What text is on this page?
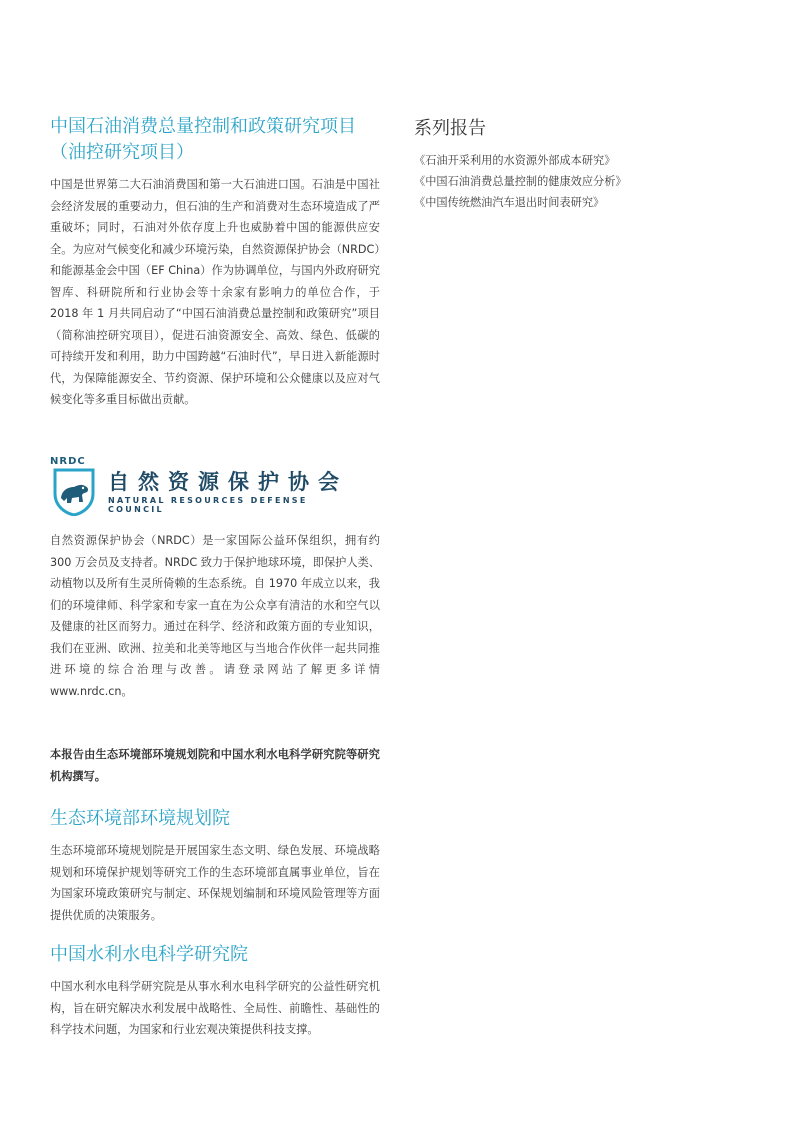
中国石油消费总量控制和政策研究项目
（油控研究项目）

中国是世界第二大石油消费国和第一大石油进口国。石油是中国社会经济发展的重要动力，但石油的生产和消费对生态环境造成了严重破坏；同时，石油对外依存度上升也威胁着中国的能源供应安全。为应对气候变化和减少环境污染，自然资源保护协会（NRDC）和能源基金会中国（EF China）作为协调单位，与国内外政府研究智库、科研院所和行业协会等十余家有影响力的单位合作，于 2018 年 1 月共同启动了“中国石油消费总量控制和政策研究”项目（简称油控研究项目），促进石油资源安全、高效、绿色、低碳的可持续开发和利用，助力中国跨越“石油时代”，早日进入新能源时代，为保障能源安全、节约资源、保护环境和公众健康以及应对气候变化等多重目标做出贡献。

系列报告
《石油开采利用的水资源外部成本研究》
《中国石油消费总量控制的健康效应分析》
《中国传统燃油汽车退出时间表研究》
NRDC
自然资源保护协会
NATURAL RESOURCES DEFENSE COUNCIL

自然资源保护协会（NRDC）是一家国际公益环保组织，拥有约 300 万会员及支持者。NRDC 致力于保护地球环境，即保护人类、动植物以及所有生灵所倚赖的生态系统。自 1970 年成立以来，我们的环境律师、科学家和专家一直在为公众享有清洁的水和空气以及健康的社区而努力。通过在科学、经济和政策方面的专业知识，我们在亚洲、欧洲、拉美和北美等地区与当地合作伙伴一起共同推进环境的综合治理与改善。请登录网站了解更多详情 www.nrdc.cn。

本报告由生态环境部环境规划院和中国水利水电科学研究院等研究机构撰写。

生态环境部环境规划院

生态环境部环境规划院是开展国家生态文明、绿色发展、环境战略规划和环境保护规划等研究工作的生态环境部直属事业单位，旨在为国家环境政策研究与制定、环保规划编制和环境风险管理等方面提供优质的决策服务。

中国水利水电科学研究院

中国水利水电科学研究院是从事水利水电科学研究的公益性研究机构，旨在研究解决水利发展中战略性、全局性、前瞻性、基础性的科学技术问题，为国家和行业宏观决策提供科技支撑。
